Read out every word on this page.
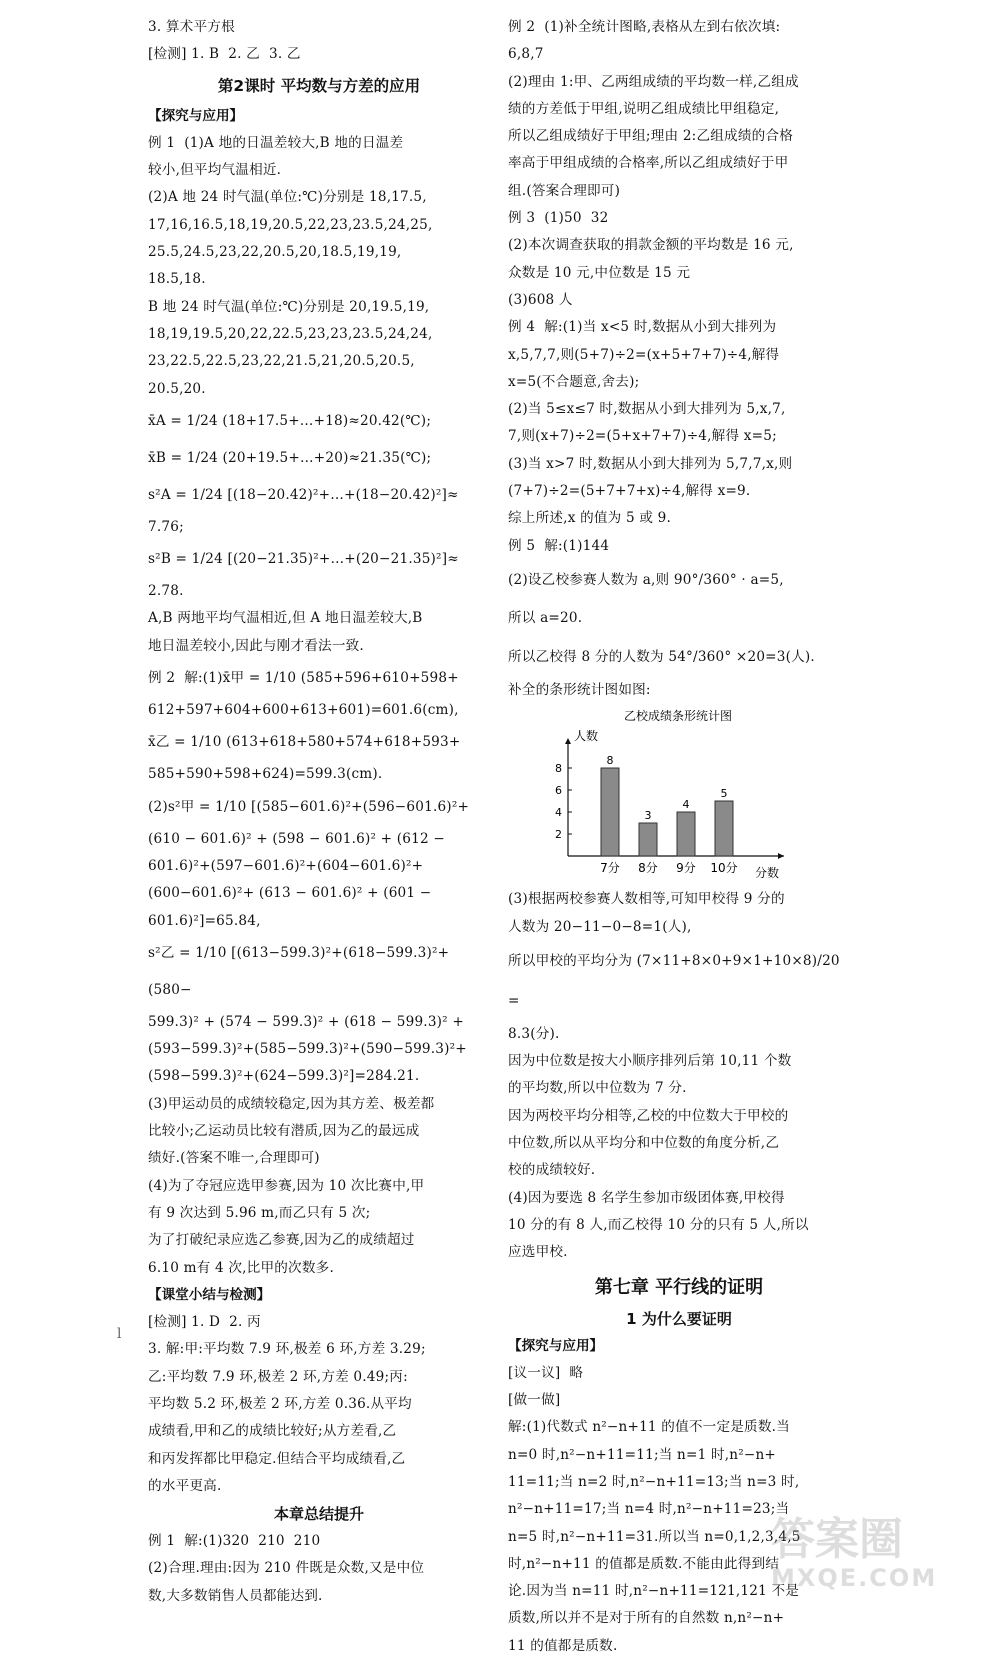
3. 算术平方根

[检测] 1. B  2. 乙  3. 乙

第2课时 平均数与方差的应用
【探究与应用】

例 1  (1)A 地的日温差较大,B 地的日温差

较小,但平均气温相近.

(2)A 地 24 时气温(单位:℃)分别是 18,17.5,

17,16,16.5,18,19,20.5,22,23,23.5,24,25,

25.5,24.5,23,22,20.5,20,18.5,19,19,

18.5,18.

B 地 24 时气温(单位:℃)分别是 20,19.5,19,

18,19,19.5,20,22,22.5,23,23,23.5,24,24,

23,22.5,22.5,23,22,21.5,21,20.5,20.5,

20.5,20.

x̄A = 1/24 (18+17.5+…+18)≈20.42(℃);

x̄B = 1/24 (20+19.5+…+20)≈21.35(℃);

s²A = 1/24 [(18−20.42)²+…+(18−20.42)²]≈

7.76;

s²B = 1/24 [(20−21.35)²+…+(20−21.35)²]≈

2.78.

A,B 两地平均气温相近,但 A 地日温差较大,B

地日温差较小,因此与刚才看法一致.

例 2  解:(1)x̄甲 = 1/10 (585+596+610+598+

612+597+604+600+613+601)=601.6(cm),

x̄乙 = 1/10 (613+618+580+574+618+593+

585+590+598+624)=599.3(cm).

(2)s²甲 = 1/10 [(585−601.6)²+(596−601.6)²+

(610 − 601.6)² + (598 − 601.6)² + (612 −

601.6)²+(597−601.6)²+(604−601.6)²+

(600−601.6)²+ (613 − 601.6)² + (601 −

601.6)²]=65.84,

s²乙 = 1/10 [(613−599.3)²+(618−599.3)²+(580−

599.3)² + (574 − 599.3)² + (618 − 599.3)² +

(593−599.3)²+(585−599.3)²+(590−599.3)²+

(598−599.3)²+(624−599.3)²]=284.21.

(3)甲运动员的成绩较稳定,因为其方差、极差都

比较小;乙运动员比较有潜质,因为乙的最远成

绩好.(答案不唯一,合理即可)

(4)为了夺冠应选甲参赛,因为 10 次比赛中,甲

有 9 次达到 5.96 m,而乙只有 5 次;

为了打破纪录应选乙参赛,因为乙的成绩超过

6.10 m有 4 次,比甲的次数多.

【课堂小结与检测】

[检测] 1. D  2. 丙

3. 解:甲:平均数 7.9 环,极差 6 环,方差 3.29;

乙:平均数 7.9 环,极差 2 环,方差 0.49;丙:

平均数 5.2 环,极差 2 环,方差 0.36.从平均

成绩看,甲和乙的成绩比较好;从方差看,乙

和丙发挥都比甲稳定.但结合平均成绩看,乙

的水平更高.

本章总结提升

例 1  解:(1)320  210  210

(2)合理.理由:因为 210 件既是众数,又是中位

数,大多数销售人员都能达到.

例 2  (1)补全统计图略,表格从左到右依次填:

6,8,7

(2)理由 1:甲、乙两组成绩的平均数一样,乙组成

绩的方差低于甲组,说明乙组成绩比甲组稳定,

所以乙组成绩好于甲组;理由 2:乙组成绩的合格

率高于甲组成绩的合格率,所以乙组成绩好于甲

组.(答案合理即可)

例 3  (1)50  32

(2)本次调查获取的捐款金额的平均数是 16 元,

众数是 10 元,中位数是 15 元

(3)608 人

例 4  解:(1)当 x<5 时,数据从小到大排列为

x,5,7,7,则(5+7)÷2=(x+5+7+7)÷4,解得

x=5(不合题意,舍去);

(2)当 5≤x≤7 时,数据从小到大排列为 5,x,7,

7,则(x+7)÷2=(5+x+7+7)÷4,解得 x=5;

(3)当 x>7 时,数据从小到大排列为 5,7,7,x,则

(7+7)÷2=(5+7+7+x)÷4,解得 x=9.

综上所述,x 的值为 5 或 9.

例 5  解:(1)144

(2)设乙校参赛人数为 a,则 90°/360° · a=5,

所以 a=20.

所以乙校得 8 分的人数为 54°/360° ×20=3(人).

补全的条形统计图如图:

乙校成绩条形统计图
人数
分数
2
4
6
8
8
7分
3
8分
4
9分
5
10分

(3)根据两校参赛人数相等,可知甲校得 9 分的

人数为 20−11−0−8=1(人),

所以甲校的平均分为 (7×11+8×0+9×1+10×8)/20 =

8.3(分).

因为中位数是按大小顺序排列后第 10,11 个数

的平均数,所以中位数为 7 分.

因为两校平均分相等,乙校的中位数大于甲校的

中位数,所以从平均分和中位数的角度分析,乙

校的成绩较好.

(4)因为要选 8 名学生参加市级团体赛,甲校得

10 分的有 8 人,而乙校得 10 分的只有 5 人,所以

应选甲校.

第七章 平行线的证明
1 为什么要证明
【探究与应用】

[议一议]  略

[做一做]

解:(1)代数式 n²−n+11 的值不一定是质数.当

n=0 时,n²−n+11=11;当 n=1 时,n²−n+

11=11;当 n=2 时,n²−n+11=13;当 n=3 时,

n²−n+11=17;当 n=4 时,n²−n+11=23;当

n=5 时,n²−n+11=31.所以当 n=0,1,2,3,4,5

时,n²−n+11 的值都是质数.不能由此得到结

论.因为当 n=11 时,n²−n+11=121,121 不是

质数,所以并不是对于所有的自然数 n,n²−n+

11 的值都是质数.

l
答案圈
MXQE.COM
